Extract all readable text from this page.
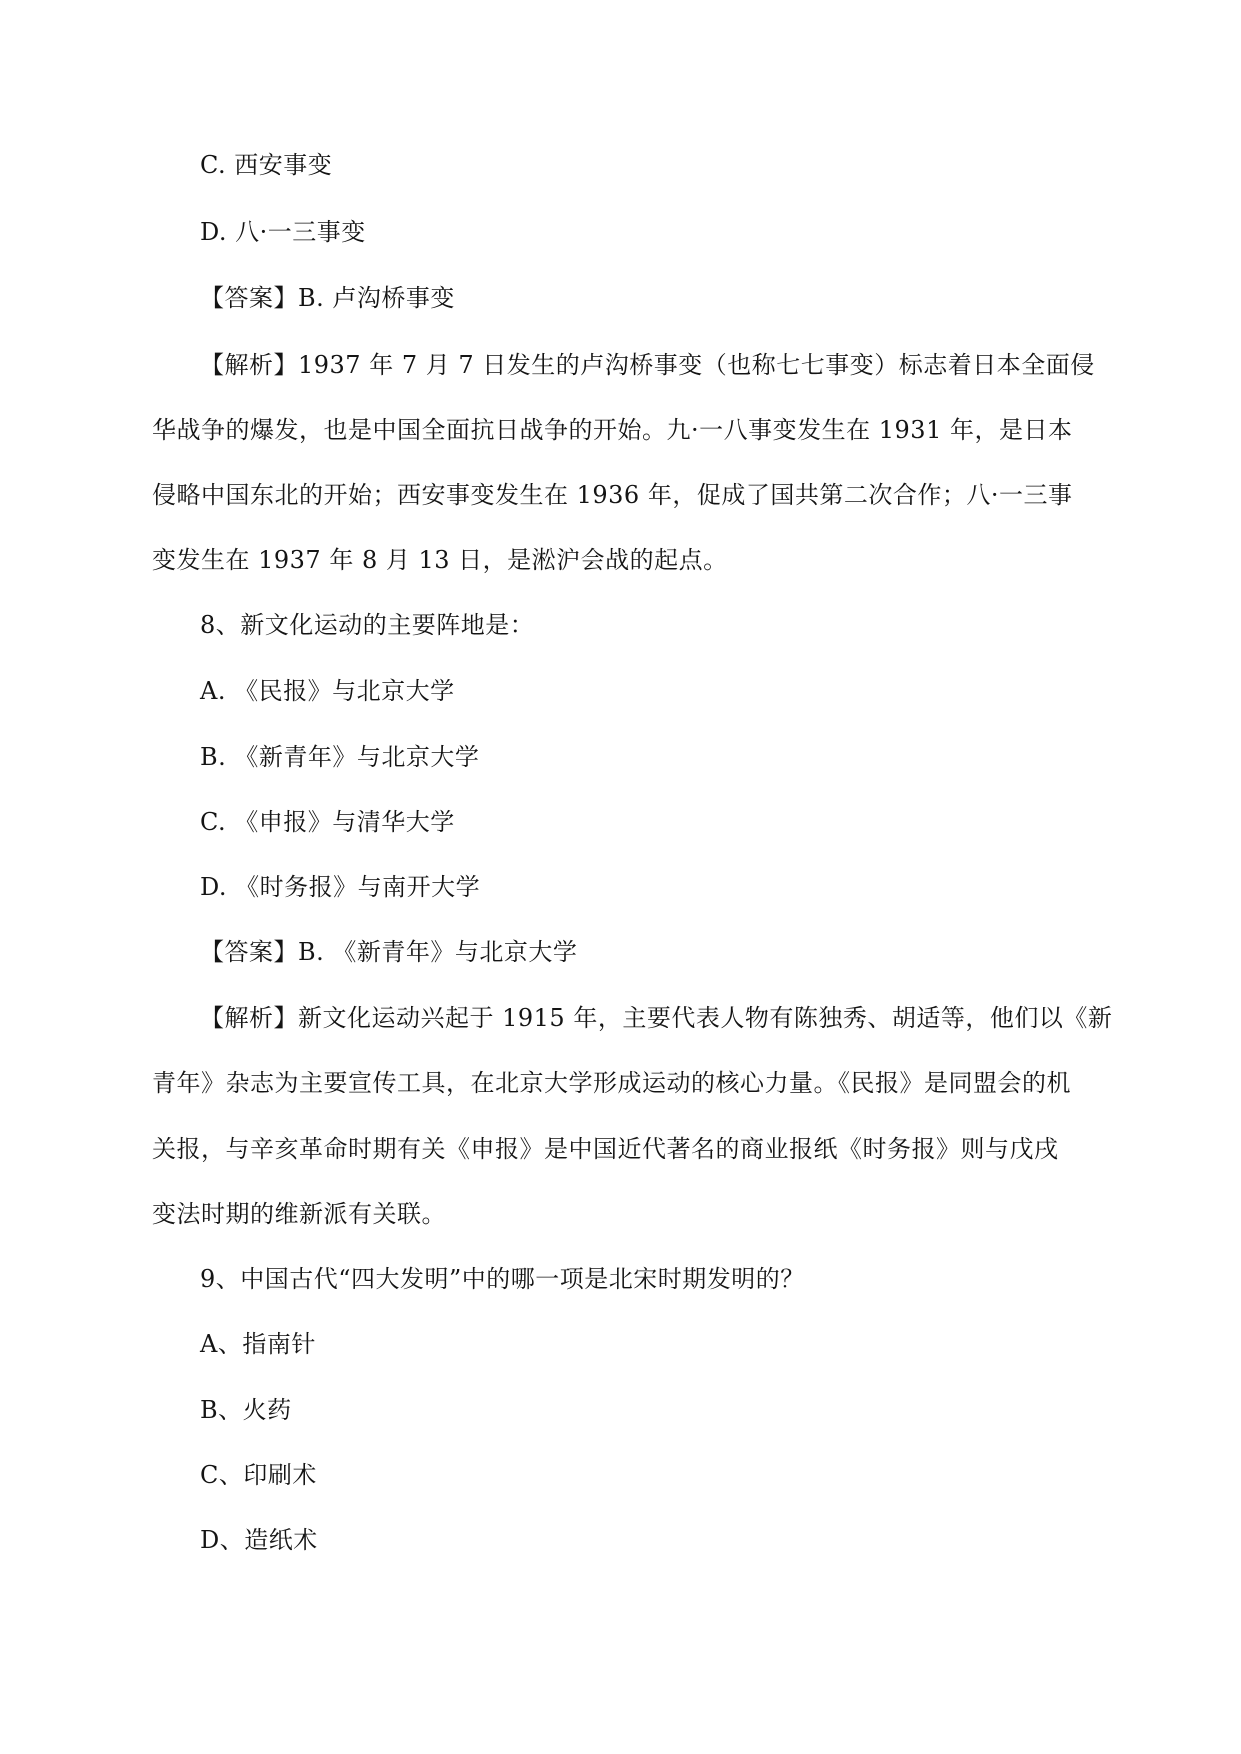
C. 西安事变
D. 八·一三事变
【答案】B. 卢沟桥事变
【解析】1937 年 7 月 7 日发生的卢沟桥事变（也称七七事变）标志着日本全面侵
华战争的爆发，也是中国全面抗日战争的开始。九·一八事变发生在 1931 年，是日本
侵略中国东北的开始；西安事变发生在 1936 年，促成了国共第二次合作；八·一三事
变发生在 1937 年 8 月 13 日，是淞沪会战的起点。
8、新文化运动的主要阵地是：
A. 《民报》与北京大学
B. 《新青年》与北京大学
C. 《申报》与清华大学
D. 《时务报》与南开大学
【答案】B. 《新青年》与北京大学
【解析】新文化运动兴起于 1915 年，主要代表人物有陈独秀、胡适等，他们以《新
青年》杂志为主要宣传工具，在北京大学形成运动的核心力量。《民报》是同盟会的机
关报，与辛亥革命时期有关《申报》是中国近代著名的商业报纸《时务报》则与戊戌
变法时期的维新派有关联。
9、中国古代“四大发明”中的哪一项是北宋时期发明的？
A、指南针
B、火药
C、印刷术
D、造纸术
